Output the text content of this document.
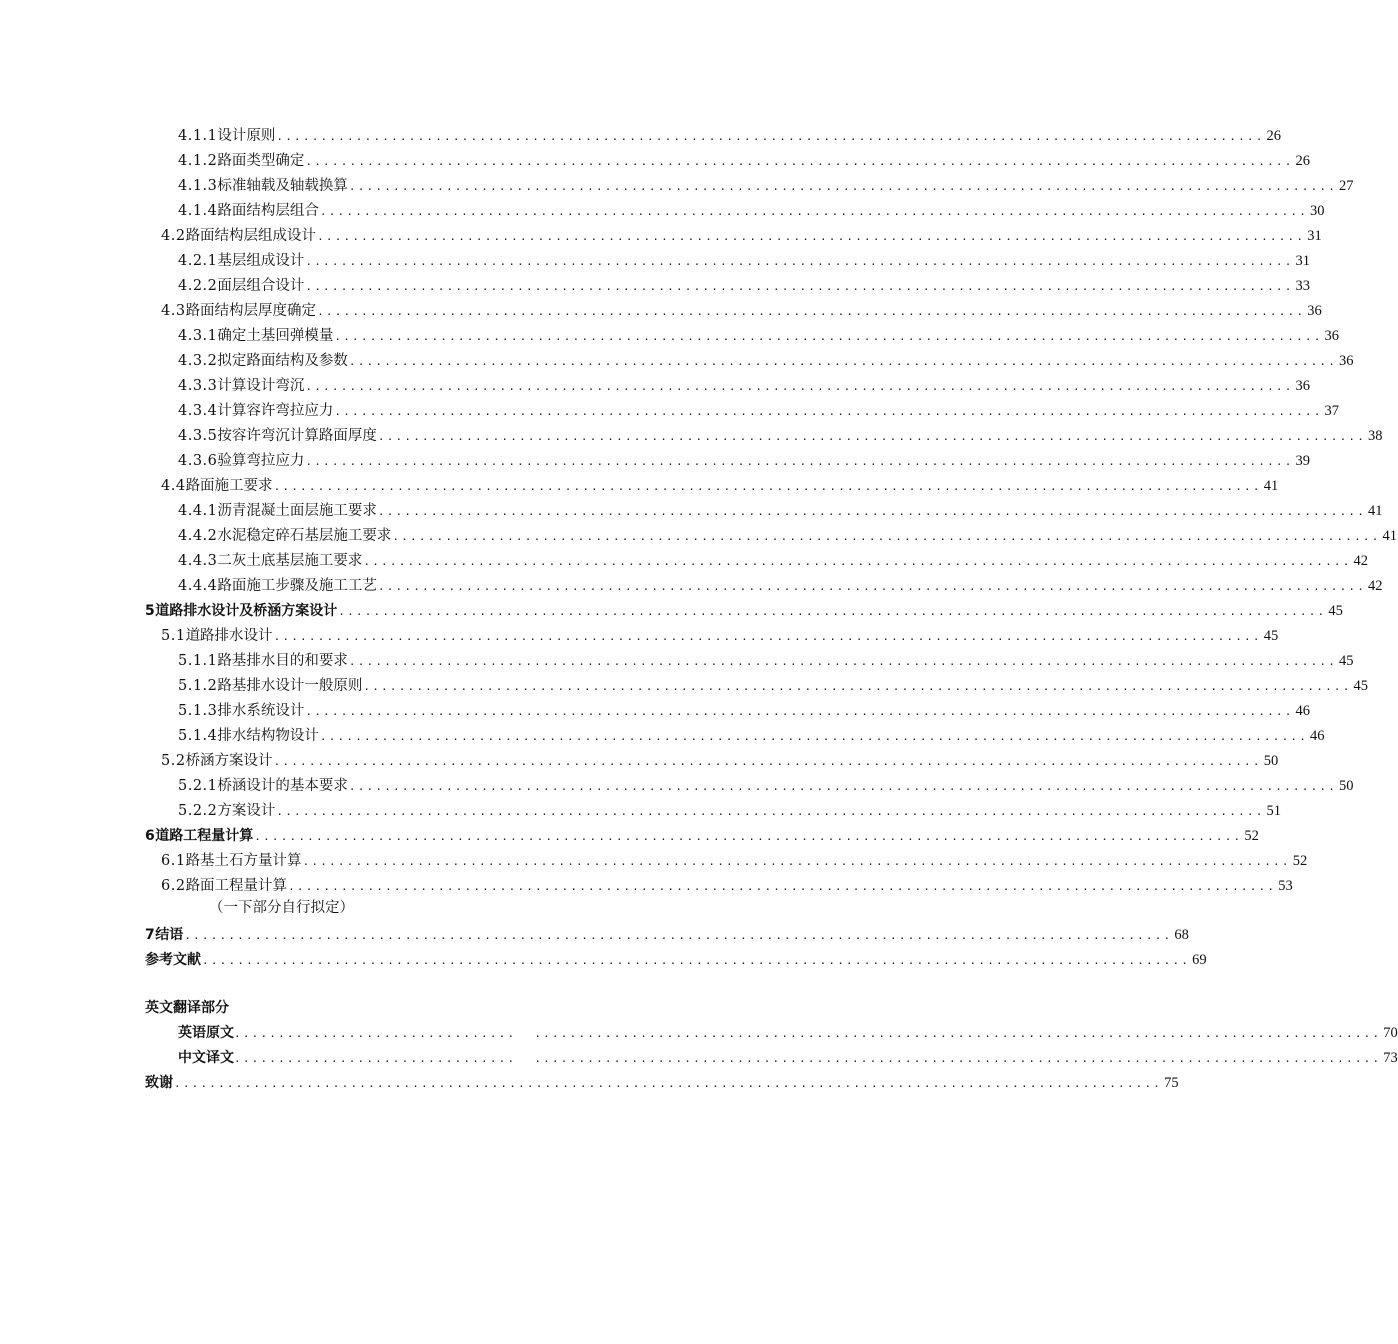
4.1.1 设计原则 ................................................................................................................ 26
4.1.2 路面类型确定 ................................................................................................................ 26
4.1.3 标准轴载及轴载换算 ................................................................................................................ 27
4.1.4 路面结构层组合 ................................................................................................................ 30
4.2 路面结构层组成设计 ................................................................................................................ 31
4.2.1 基层组成设计 ................................................................................................................ 31
4.2.2 面层组合设计 ................................................................................................................ 33
4.3 路面结构层厚度确定 ................................................................................................................ 36
4.3.1 确定土基回弹模量 ................................................................................................................ 36
4.3.2 拟定路面结构及参数 ................................................................................................................ 36
4.3.3 计算设计弯沉 ................................................................................................................ 36
4.3.4 计算容许弯拉应力 ................................................................................................................ 37
4.3.5 按容许弯沉计算路面厚度 ................................................................................................................ 38
4.3.6 验算弯拉应力 ................................................................................................................ 39
4.4 路面施工要求 ................................................................................................................ 41
4.4.1 沥青混凝土面层施工要求 ................................................................................................................ 41
4.4.2 水泥稳定碎石基层施工要求 ................................................................................................................ 41
4.4.3 二灰土底基层施工要求 ................................................................................................................ 42
4.4.4 路面施工步骤及施工工艺 ................................................................................................................ 42
5 道路排水设计及桥涵方案设计 ................................................................................................................ 45
5.1 道路排水设计 ................................................................................................................ 45
5.1.1 路基排水目的和要求 ................................................................................................................ 45
5.1.2 路基排水设计一般原则 ................................................................................................................ 45
5.1.3 排水系统设计 ................................................................................................................ 46
5.1.4 排水结构物设计 ................................................................................................................ 46
5.2 桥涵方案设计 ................................................................................................................ 50
5.2.1 桥涵设计的基本要求 ................................................................................................................ 50
5.2.2 方案设计 ................................................................................................................ 51
6 道路工程量计算 ................................................................................................................ 52
6.1 路基土石方量计算 ................................................................................................................ 52
6.2 路面工程量计算 ................................................................................................................ 53
（一下部分自行拟定）
7 结语 ................................................................................................................ 68
参考文献 ................................................................................................................ 69
英文翻译部分
英语原文 ................................ ................................................................................................ 70
中文译文 ................................ ................................................................................................ 73
致谢 ................................................................................................................ 75
